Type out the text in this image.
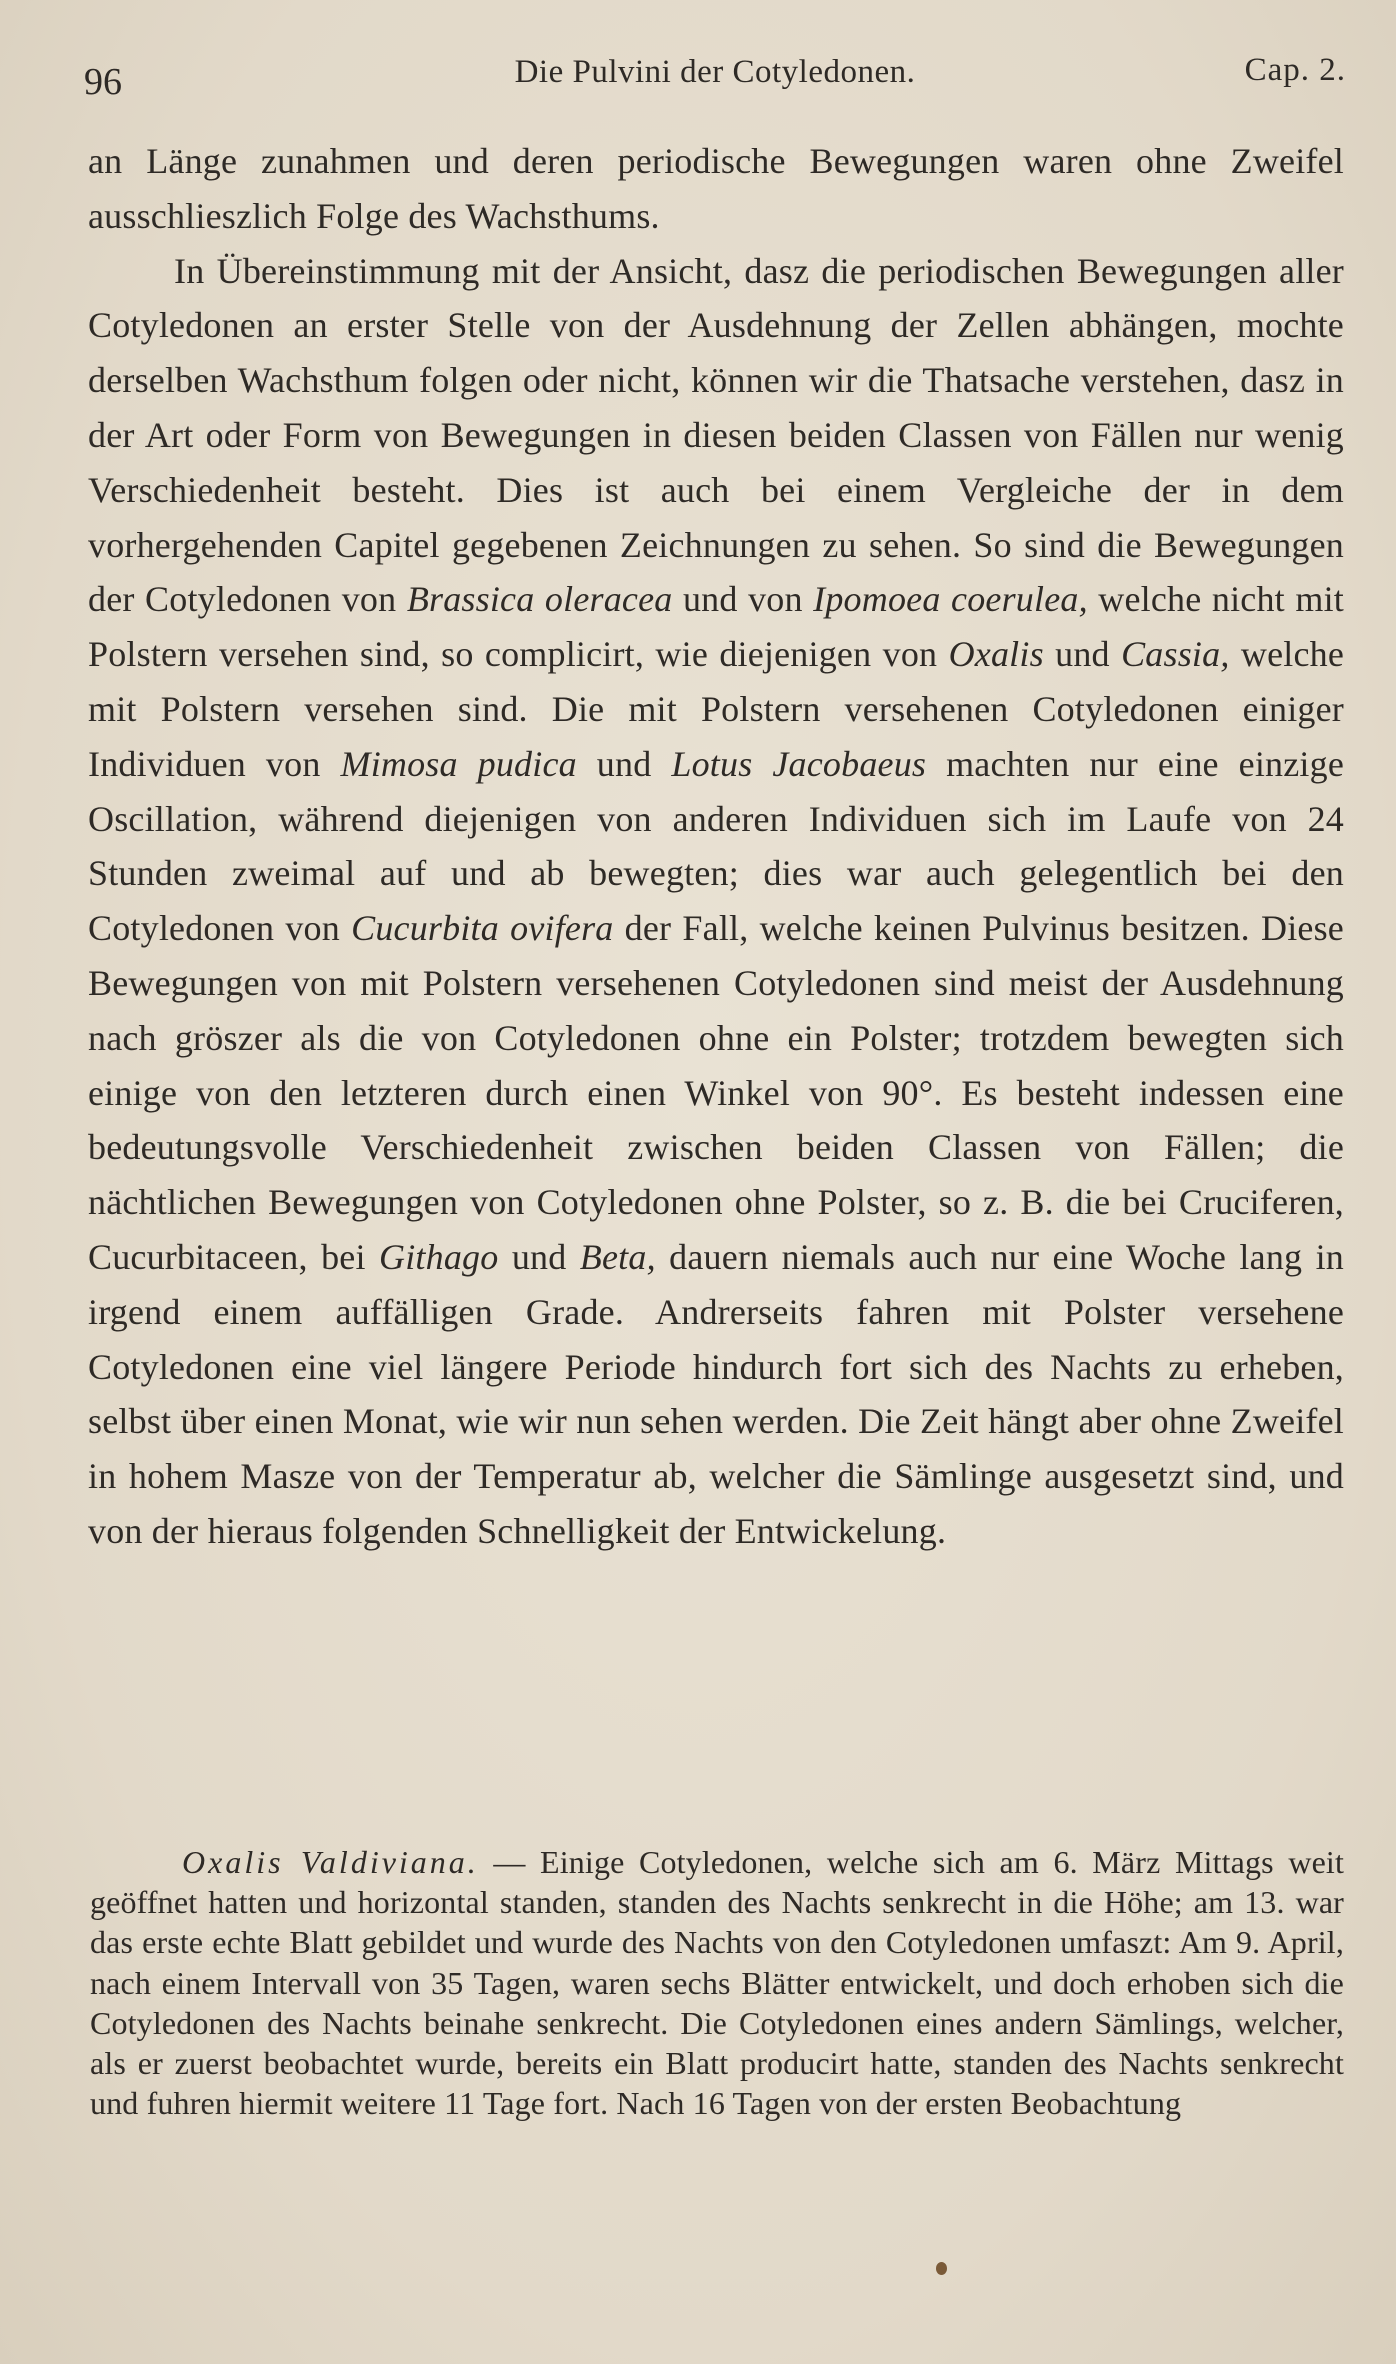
96	Die Pulvini der Cotyledonen.	Cap. 2.

an Länge zunahmen und deren periodische Bewegungen waren ohne Zweifel ausschlieszlich Folge des Wachsthums.

In Übereinstimmung mit der Ansicht, dasz die periodischen Bewegungen aller Cotyledonen an erster Stelle von der Ausdehnung der Zellen abhängen, mochte derselben Wachsthum folgen oder nicht, können wir die Thatsache verstehen, dasz in der Art oder Form von Bewegungen in diesen beiden Classen von Fällen nur wenig Verschiedenheit besteht. Dies ist auch bei einem Vergleiche der in dem vorhergehenden Capitel gegebenen Zeichnungen zu sehen. So sind die Bewegungen der Cotyledonen von Brassica oleracea und von Ipomoea coerulea, welche nicht mit Polstern versehen sind, so complicirt, wie diejenigen von Oxalis und Cassia, welche mit Polstern versehen sind. Die mit Polstern versehenen Cotyledonen einiger Individuen von Mimosa pudica und Lotus Jacobaeus machten nur eine einzige Oscillation, während diejenigen von anderen Individuen sich im Laufe von 24 Stunden zweimal auf und ab bewegten; dies war auch gelegentlich bei den Cotyledonen von Cucurbita ovifera der Fall, welche keinen Pulvinus besitzen. Diese Bewegungen von mit Polstern versehenen Cotyledonen sind meist der Ausdehnung nach gröszer als die von Cotyledonen ohne ein Polster; trotzdem bewegten sich einige von den letzteren durch einen Winkel von 90°. Es besteht indessen eine bedeutungsvolle Verschiedenheit zwischen beiden Classen von Fällen; die nächtlichen Bewegungen von Cotyledonen ohne Polster, so z. B. die bei Cruciferen, Cucurbitaceen, bei Githago und Beta, dauern niemals auch nur eine Woche lang in irgend einem auffälligen Grade. Andrerseits fahren mit Polster versehene Cotyledonen eine viel längere Periode hindurch fort sich des Nachts zu erheben, selbst über einen Monat, wie wir nun sehen werden. Die Zeit hängt aber ohne Zweifel in hohem Masze von der Temperatur ab, welcher die Sämlinge ausgesetzt sind, und von der hieraus folgenden Schnelligkeit der Entwickelung.

Oxalis Valdiviana. — Einige Cotyledonen, welche sich am 6. März Mittags weit geöffnet hatten und horizontal standen, standen des Nachts senkrecht in die Höhe; am 13. war das erste echte Blatt gebildet und wurde des Nachts von den Cotyledonen umfaszt: Am 9. April, nach einem Intervall von 35 Tagen, waren sechs Blätter entwickelt, und doch erhoben sich die Cotyledonen des Nachts beinahe senkrecht. Die Cotyledonen eines andern Sämlings, welcher, als er zuerst beobachtet wurde, bereits ein Blatt producirt hatte, standen des Nachts senkrecht und fuhren hiermit weitere 11 Tage fort. Nach 16 Tagen von der ersten Beobachtung
